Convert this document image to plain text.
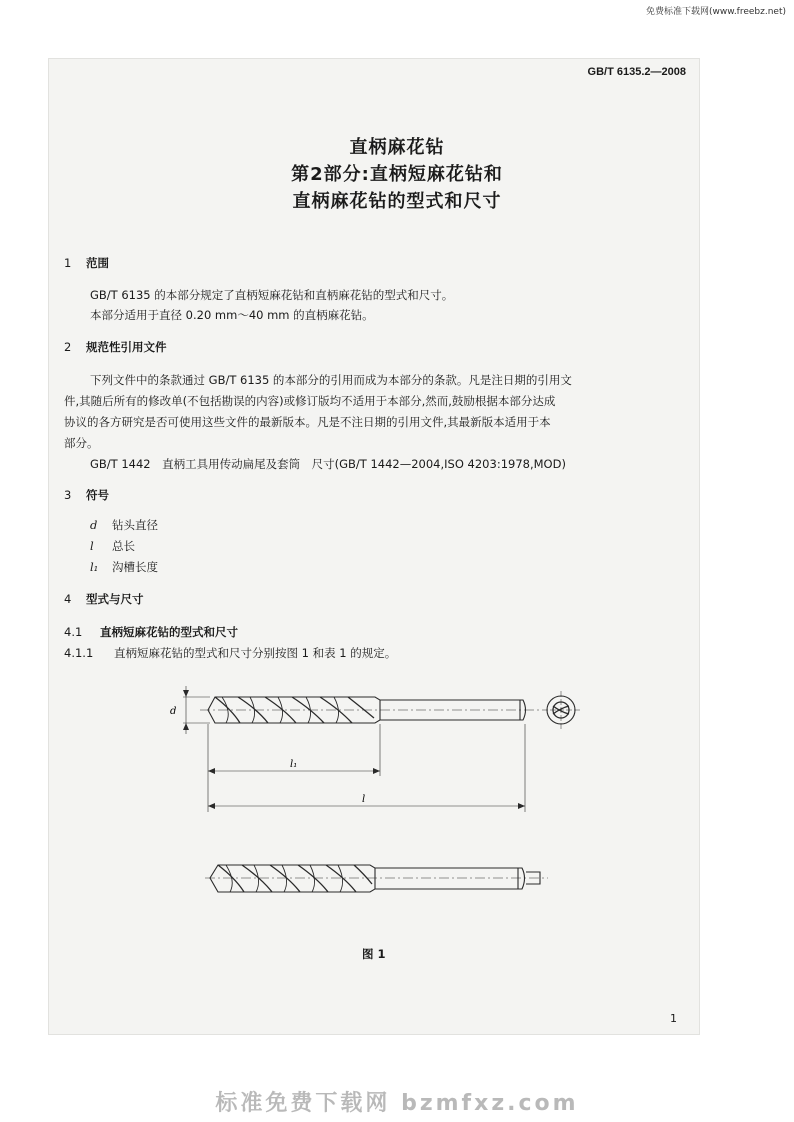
免费标准下载网(www.freebz.net)
GB/T 6135.2—2008
直柄麻花钻
第2部分:直柄短麻花钻和
直柄麻花钻的型式和尺寸
1 范围
GB/T 6135 的本部分规定了直柄短麻花钻和直柄麻花钻的型式和尺寸。
本部分适用于直径 0.20 mm～40 mm 的直柄麻花钻。
2 规范性引用文件
下列文件中的条款通过 GB/T 6135 的本部分的引用而成为本部分的条款。凡是注日期的引用文
件,其随后所有的修改单(不包括勘误的内容)或修订版均不适用于本部分,然而,鼓励根据本部分达成
协议的各方研究是否可使用这些文件的最新版本。凡是不注日期的引用文件,其最新版本适用于本
部分。
GB/T 1442　直柄工具用传动扁尾及套筒　尺寸(GB/T 1442—2004,ISO 4203:1978,MOD)
3 符号
d 钻头直径
l 总长
l₁ 沟槽长度
4 型式与尺寸
4.1 直柄短麻花钻的型式和尺寸
4.1.1 直柄短麻花钻的型式和尺寸分别按图 1 和表 1 的规定。
d
l₁
l
图 1
1
标准免费下载网 bzmfxz.com
